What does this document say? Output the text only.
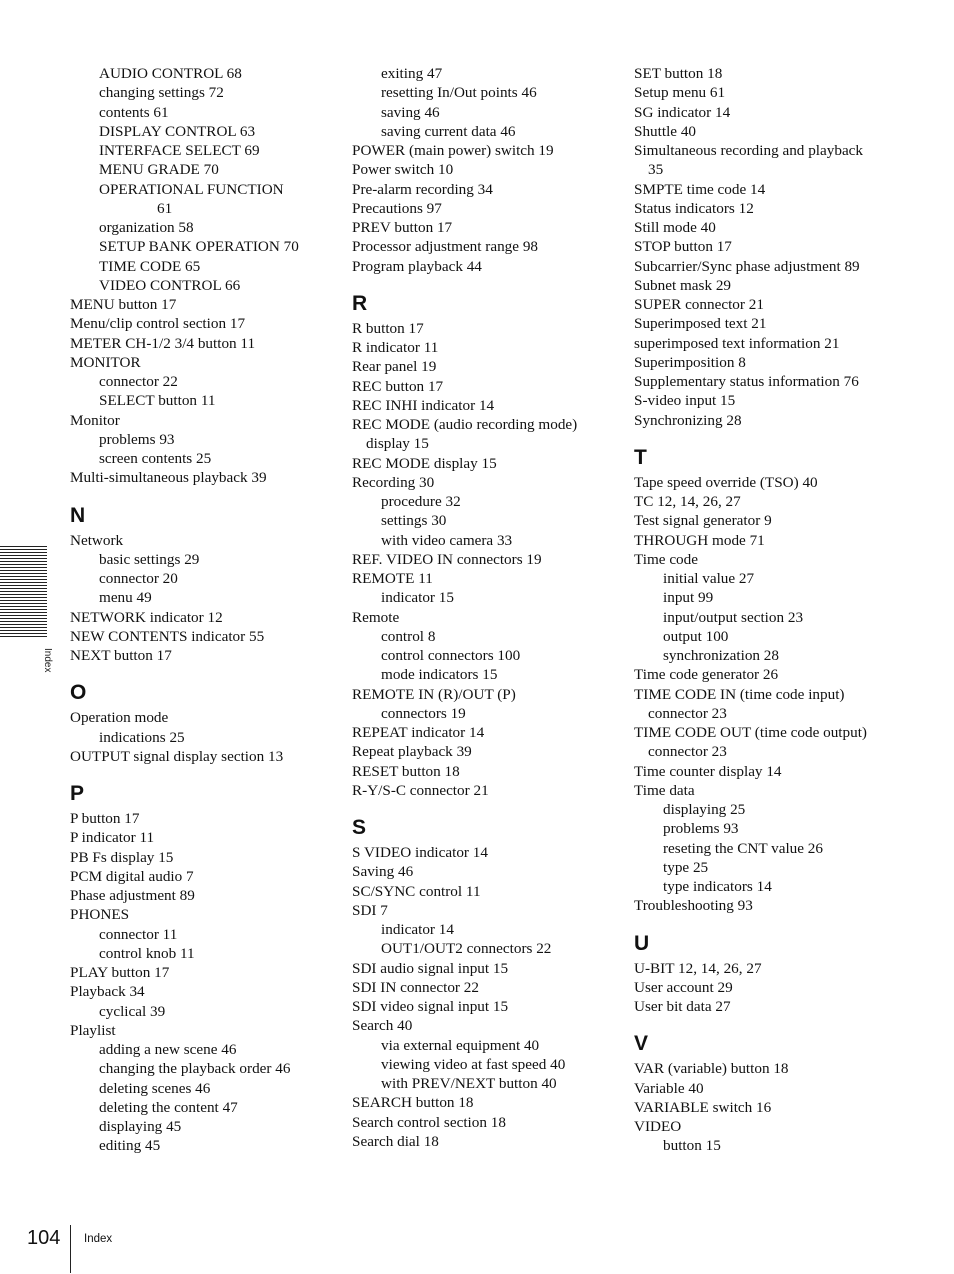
Index
AUDIO CONTROL 68
changing settings 72
contents 61
DISPLAY CONTROL 63
INTERFACE SELECT 69
MENU GRADE 70
OPERATIONAL FUNCTION
61
organization 58
SETUP BANK OPERATION 70
TIME CODE 65
VIDEO CONTROL 66
MENU button 17
Menu/clip control section 17
METER CH-1/2 3/4 button 11
MONITOR
connector 22
SELECT button 11
Monitor
problems 93
screen contents 25
Multi-simultaneous playback 39
N
Network
basic settings 29
connector 20
menu 49
NETWORK indicator 12
NEW CONTENTS indicator 55
NEXT button 17
O
Operation mode
indications 25
OUTPUT signal display section 13
P
P button 17
P indicator 11
PB Fs display 15
PCM digital audio 7
Phase adjustment 89
PHONES
connector 11
control knob 11
PLAY button 17
Playback 34
cyclical 39
Playlist
adding a new scene 46
changing the playback order 46
deleting scenes 46
deleting the content 47
displaying 45
editing 45
exiting 47
resetting In/Out points 46
saving 46
saving current data 46
POWER (main power) switch 19
Power switch 10
Pre-alarm recording 34
Precautions 97
PREV button 17
Processor adjustment range 98
Program playback 44
R
R button 17
R indicator 11
Rear panel 19
REC button 17
REC INHI indicator 14
REC MODE (audio recording mode)
display 15
REC MODE display 15
Recording 30
procedure 32
settings 30
with video camera 33
REF. VIDEO IN connectors 19
REMOTE 11
indicator 15
Remote
control 8
control connectors 100
mode indicators 15
REMOTE IN (R)/OUT (P)
connectors 19
REPEAT indicator 14
Repeat playback 39
RESET button 18
R-Y/S-C connector 21
S
S VIDEO indicator 14
Saving 46
SC/SYNC control 11
SDI 7
indicator 14
OUT1/OUT2 connectors 22
SDI audio signal input 15
SDI IN connector 22
SDI video signal input 15
Search 40
via external equipment 40
viewing video at fast speed 40
with PREV/NEXT button 40
SEARCH button 18
Search control section 18
Search dial 18
SET button 18
Setup menu 61
SG indicator 14
Shuttle 40
Simultaneous recording and playback
35
SMPTE time code 14
Status indicators 12
Still mode 40
STOP button 17
Subcarrier/Sync phase adjustment 89
Subnet mask 29
SUPER connector 21
Superimposed text 21
superimposed text information 21
Superimposition 8
Supplementary status information 76
S-video input 15
Synchronizing 28
T
Tape speed override (TSO) 40
TC 12, 14, 26, 27
Test signal generator 9
THROUGH mode 71
Time code
initial value 27
input 99
input/output section 23
output 100
synchronization 28
Time code generator 26
TIME CODE IN (time code input)
connector 23
TIME CODE OUT (time code output)
connector 23
Time counter display 14
Time data
displaying 25
problems 93
reseting the CNT value 26
type 25
type indicators 14
Troubleshooting 93
U
U-BIT 12, 14, 26, 27
User account 29
User bit data 27
V
VAR (variable) button 18
Variable 40
VARIABLE switch 16
VIDEO
button 15
104 Index
